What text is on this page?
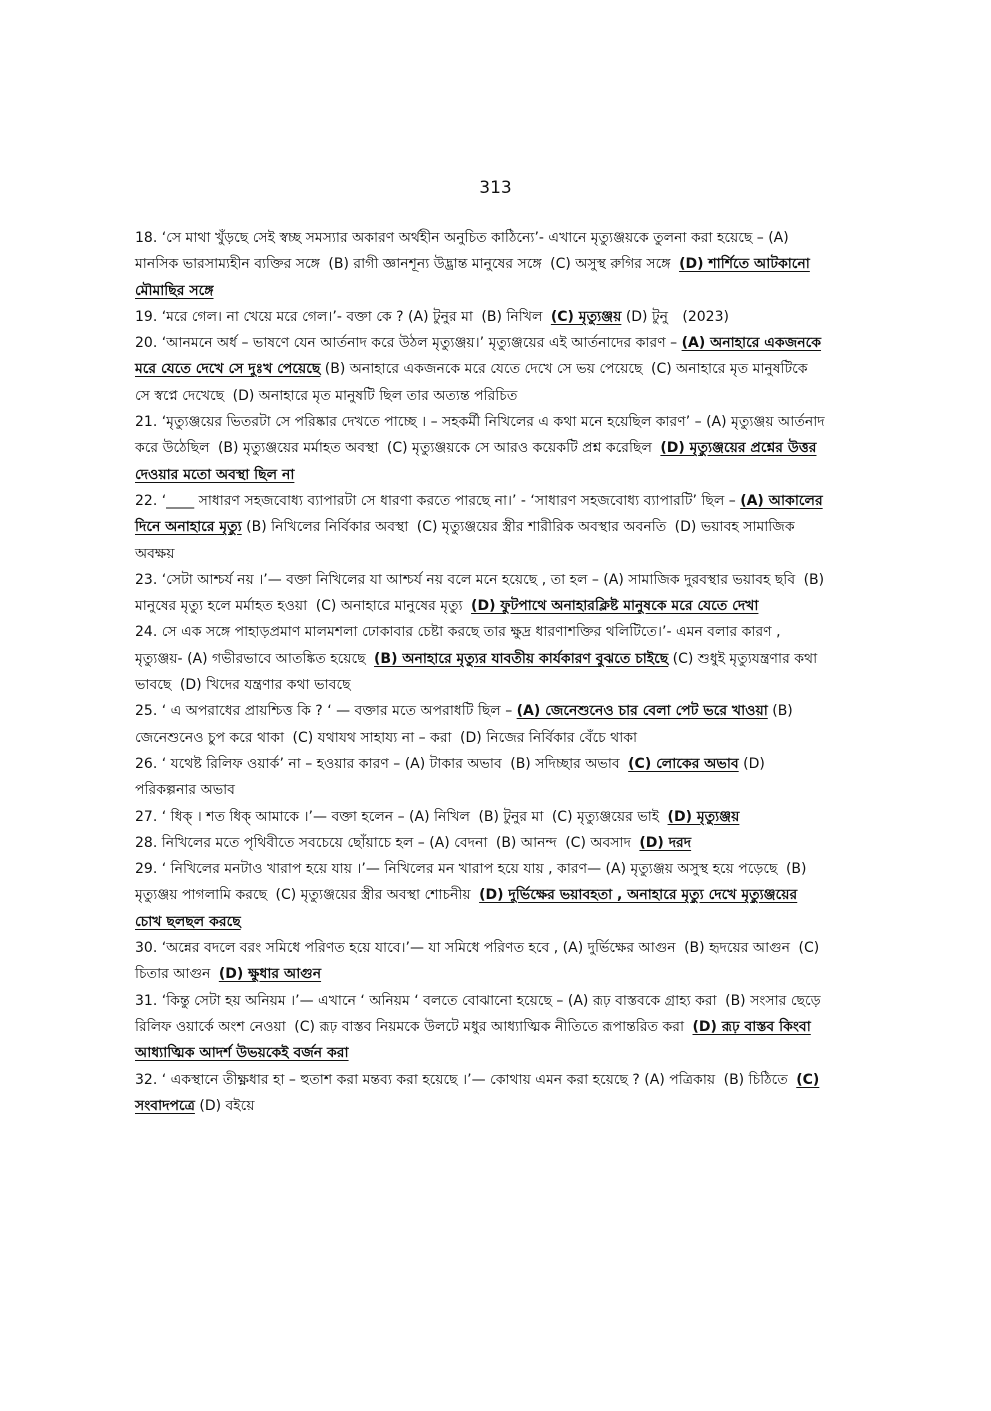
313

18. ‘সে মাথা খুঁড়ছে সেই স্বচ্ছ সমস্যার অকারণ অর্থহীন অনুচিত কাঠিন্যে’- এখানে মৃত্যুঞ্জয়কে তুলনা করা হয়েছে – (A) মানসিক ভারসাম্যহীন ব্যক্তির সঙ্গে (B) রাগী জ্ঞানশূন্য উদ্ভ্রান্ত মানুষের সঙ্গে (C) অসুস্থ রুগির সঙ্গে (D) শার্শিতে আটকানো মৌমাছির সঙ্গে

19. ‘মরে গেল। না খেয়ে মরে গেল।’- বক্তা কে ? (A) টুনুর মা (B) নিখিল (C) মৃত্যুঞ্জয় (D) টুনু (2023)

20. ‘আনমনে অর্ধ – ভাষণে যেন আর্তনাদ করে উঠল মৃত্যুঞ্জয়।’ মৃত্যুঞ্জয়ের এই আর্তনাদের কারণ – (A) অনাহারে একজনকে মরে যেতে দেখে সে দুঃখ পেয়েছে (B) অনাহারে একজনকে মরে যেতে দেখে সে ভয় পেয়েছে (C) অনাহারে মৃত মানুষটিকে সে স্বপ্নে দেখেছে (D) অনাহারে মৃত মানুষটি ছিল তার অত্যন্ত পরিচিত

21. ‘মৃত্যুঞ্জয়ের ভিতরটা সে পরিষ্কার দেখতে পাচ্ছে । – সহকর্মী নিখিলের এ কথা মনে হয়েছিল কারণ’ – (A) মৃত্যুঞ্জয় আর্তনাদ করে উঠেছিল (B) মৃত্যুঞ্জয়ের মর্মাহত অবস্থা (C) মৃত্যুঞ্জয়কে সে আরও কয়েকটি প্রশ্ন করেছিল (D) মৃত্যুঞ্জয়ের প্রশ্নের উত্তর দেওয়ার মতো অবস্থা ছিল না

22. ‘____ সাধারণ সহজবোধ্য ব্যাপারটা সে ধারণা করতে পারছে না।’ - ‘সাধারণ সহজবোধ্য ব্যাপারটি’ ছিল – (A) আকালের দিনে অনাহারে মৃত্যু (B) নিখিলের নির্বিকার অবস্থা (C) মৃত্যুঞ্জয়ের স্ত্রীর শারীরিক অবস্থার অবনতি (D) ভয়াবহ সামাজিক অবক্ষয়

23. ‘সেটা আশ্চর্য নয় ।’— বক্তা নিখিলের যা আশ্চর্য নয় বলে মনে হয়েছে , তা হল – (A) সামাজিক দুরবস্থার ভয়াবহ ছবি (B) মানুষের মৃত্যু হলে মর্মাহত হওয়া (C) অনাহারে মানুষের মৃত্যু (D) ফুটপাথে অনাহারক্লিষ্ট মানুষকে মরে যেতে দেখা

24. সে এক সঙ্গে পাহাড়প্রমাণ মালমশলা ঢোকাবার চেষ্টা করছে তার ক্ষুদ্র ধারণাশক্তির থলিটিতে।’- এমন বলার কারণ , মৃত্যুঞ্জয়- (A) গভীরভাবে আতঙ্কিত হয়েছে (B) অনাহারে মৃত্যুর যাবতীয় কার্যকারণ বুঝতে চাইছে (C) শুধুই মৃত্যুযন্ত্রণার কথা ভাবছে (D) খিদের যন্ত্রণার কথা ভাবছে

25. ‘ এ অপরাধের প্রায়শ্চিত্ত কি ? ‘ — বক্তার মতে অপরাধটি ছিল – (A) জেনেশুনেও চার বেলা পেট ভরে খাওয়া (B) জেনেশুনেও চুপ করে থাকা (C) যথাযথ সাহায্য না – করা (D) নিজের নির্বিকার বেঁচে থাকা

26. ‘ যথেষ্ট রিলিফ ওয়ার্ক’ না – হওয়ার কারণ – (A) টাকার অভাব (B) সদিচ্ছার অভাব (C) লোকের অভাব (D) পরিকল্পনার অভাব

27. ‘ ধিক্ । শত ধিক্ আমাকে ।’— বক্তা হলেন – (A) নিখিল (B) টুনুর মা (C) মৃত্যুঞ্জয়ের ভাই (D) মৃত্যুঞ্জয়

28. নিখিলের মতে পৃথিবীতে সবচেয়ে ছোঁয়াচে হল – (A) বেদনা (B) আনন্দ (C) অবসাদ (D) দরদ

29. ‘ নিখিলের মনটাও খারাপ হয়ে যায় ।’— নিখিলের মন খারাপ হয়ে যায় , কারণ— (A) মৃত্যুঞ্জয় অসুস্থ হয়ে পড়েছে (B) মৃত্যুঞ্জয় পাগলামি করছে (C) মৃত্যুঞ্জয়ের স্ত্রীর অবস্থা শোচনীয় (D) দুর্ভিক্ষের ভয়াবহতা , অনাহারে মৃত্যু দেখে মৃত্যুঞ্জয়ের চোখ ছলছল করছে

30. ‘অন্নের বদলে বরং সমিধে পরিণত হয়ে যাবে।’— যা সমিধে পরিণত হবে , (A) দুর্ভিক্ষের আগুন (B) হৃদয়ের আগুন (C) চিতার আগুন (D) ক্ষুধার আগুন

31. ‘কিন্তু সেটা হয় অনিয়ম ।’— এখানে ‘ অনিয়ম ‘ বলতে বোঝানো হয়েছে – (A) রূঢ় বাস্তবকে গ্রাহ্য করা (B) সংসার ছেড়ে রিলিফ ওয়ার্কে অংশ নেওয়া (C) রূঢ় বাস্তব নিয়মকে উলটে মধুর আধ্যাত্মিক নীতিতে রূপান্তরিত করা (D) রূঢ় বাস্তব কিংবা আধ্যাত্মিক আদর্শ উভয়কেই বর্জন করা

32. ‘ একস্থানে তীক্ষ্ণধার হা – হুতাশ করা মন্তব্য করা হয়েছে ।’— কোথায় এমন করা হয়েছে ? (A) পত্রিকায় (B) চিঠিতে (C) সংবাদপত্রে (D) বইয়ে
